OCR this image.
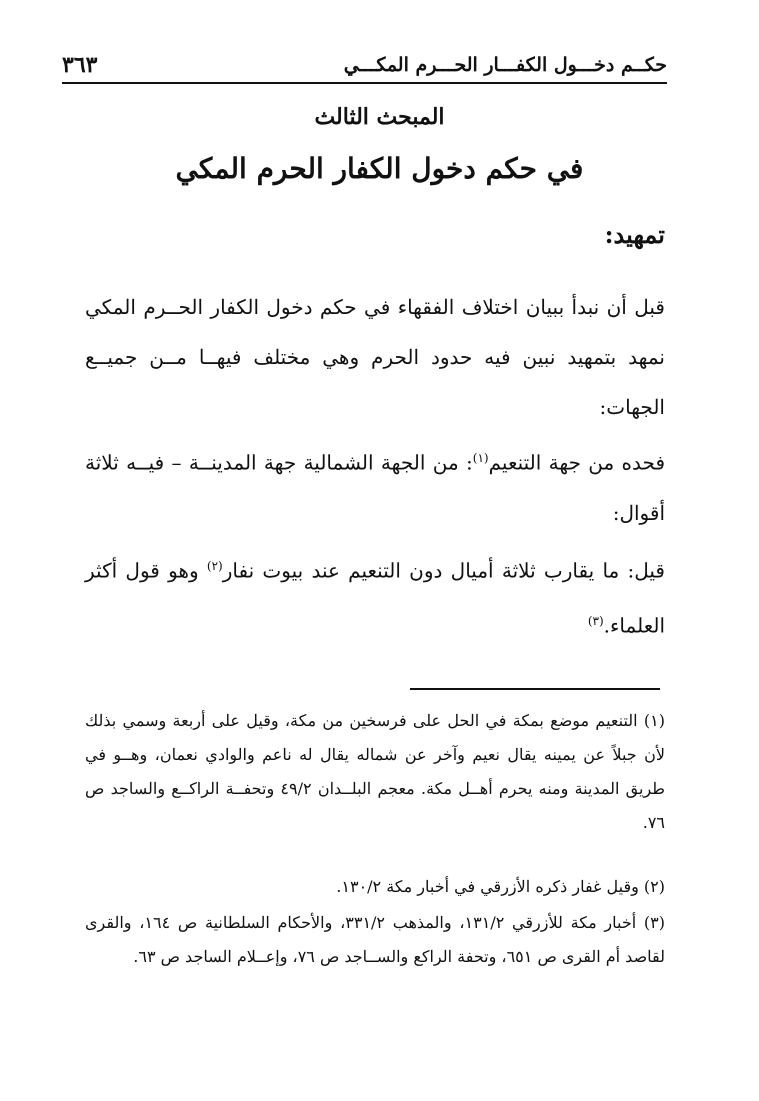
حكــم دخـــول الكفـــار الحـــرم المكـــي
٣٦٣
المبحث الثالث
في حكم دخول الكفار الحرم المكي
تمهيد:
قبل أن نبدأ ببيان اختلاف الفقهاء في حكم دخول الكفار الحــرم المكي نمهد بتمهيد نبين فيه حدود الحرم وهي مختلف فيهــا مــن جميــع الجهات:
فحده من جهة التنعيم$^{(١)}$: من الجهة الشمالية جهة المدينــة – فيــه ثلاثة أقوال:
قيل: ما يقارب ثلاثة أميال دون التنعيم عند بيوت نفار$^{(٢)}$ وهو قول أكثر العلماء.$^{(٣)}$
(١) التنعيم موضع بمكة في الحل على فرسخين من مكة، وقيل على أربعة وسمي بذلك لأن جبلاً عن يمينه يقال نعيم وآخر عن شماله يقال له ناعم والوادي نعمان، وهــو في طريق المدينة ومنه يحرم أهــل مكة. معجم البلــدان ٤٩/٢ وتحفــة الراكــع والساجد ص ٧٦.
(٢) وقيل غفار ذكره الأزرقي في أخبار مكة ١٣٠/٢.
(٣) أخبار مكة للأزرقي ١٣١/٢، والمذهب ٣٣١/٢، والأحكام السلطانية ص ١٦٤، والقرى لقاصد أم القرى ص ٦٥١، وتحفة الراكع والســاجد ص ٧٦، وإعــلام الساجد ص ٦٣.
